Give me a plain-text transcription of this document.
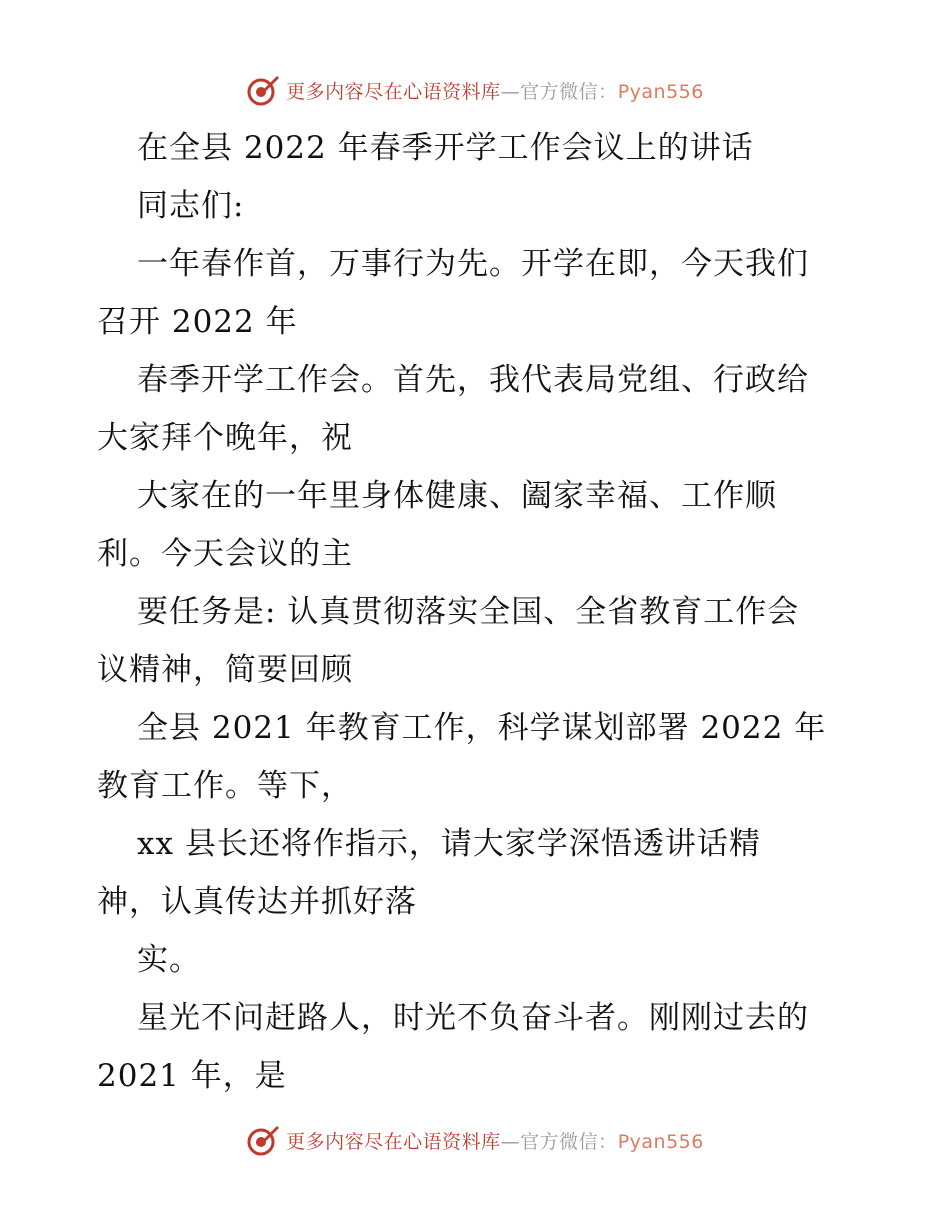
更多内容尽在心语资料库—官方微信：Pyan556
在全县 2022 年春季开学工作会议上的讲话
同志们:
一年春作首，万事行为先。开学在即，今天我们
召开 2022 年
春季开学工作会。首先，我代表局党组、行政给
大家拜个晚年，祝
大家在的一年里身体健康、阖家幸福、工作顺
利。今天会议的主
要任务是: 认真贯彻落实全国、全省教育工作会
议精神，简要回顾
全县 2021 年教育工作，科学谋划部署 2022 年
教育工作。等下，
xx 县长还将作指示，请大家学深悟透讲话精
神，认真传达并抓好落
实。
星光不问赶路人，时光不负奋斗者。刚刚过去的
2021 年，是
更多内容尽在心语资料库—官方微信：Pyan556
